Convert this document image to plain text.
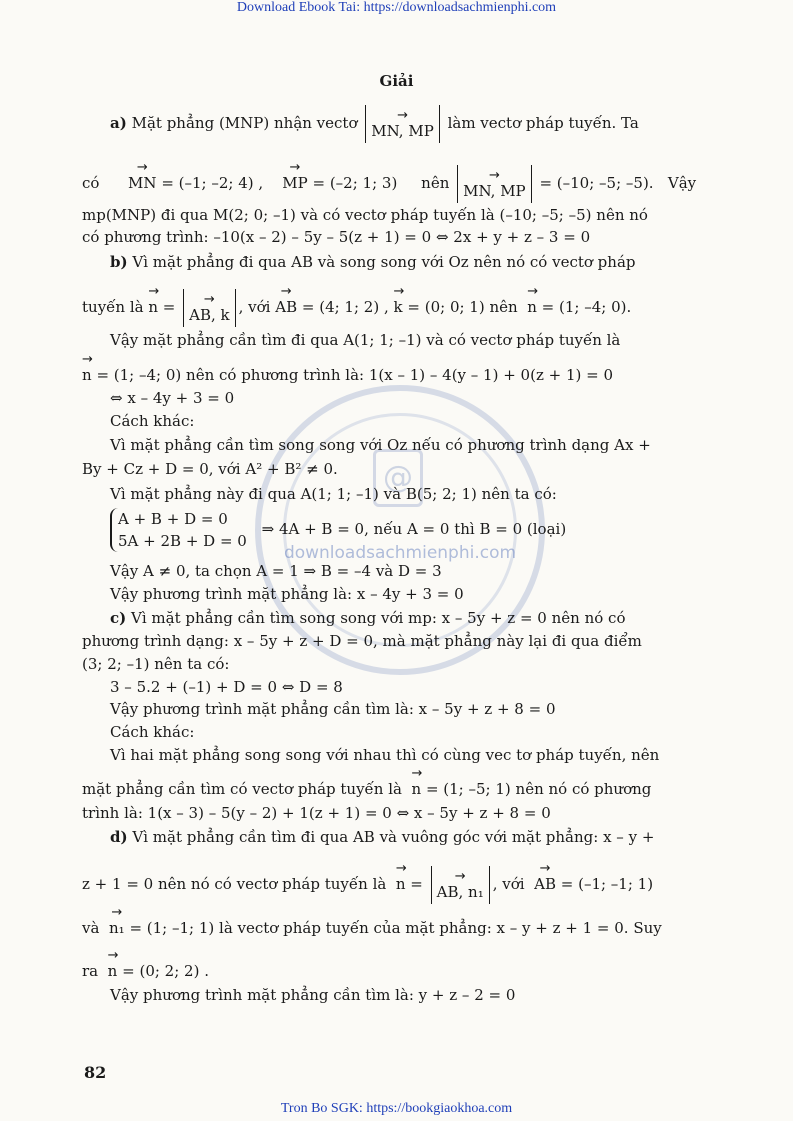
Download Ebook Tai: https://downloadsachmienphi.com
@
downloadsachmienphi.com
Giải
a) Mặt phẳng (MNP) nhận vectơ → MN, MP làm vectơ pháp tuyến. Ta
có → MN = (–1; –2; 4) , → MP = (–2; 1; 3) nên → MN, MP = (–10; –5; –5). Vậy
mp(MNP) đi qua M(2; 0; –1) và có vectơ pháp tuyến là (–10; –5; –5) nên nó
có phương trình: –10(x – 2) – 5y – 5(z + 1) = 0 ⇔ 2x + y + z – 3 = 0
b) Vì mặt phẳng đi qua AB và song song với Oz nên nó có vectơ pháp
tuyến là → n = → AB, k , với → AB = (4; 1; 2) , → k = (0; 0; 1) nên → n = (1; –4; 0).
Vậy mặt phẳng cần tìm đi qua A(1; 1; –1) và có vectơ pháp tuyến là
→ n = (1; –4; 0) nên có phương trình là: 1(x – 1) – 4(y – 1) + 0(z + 1) = 0
⇔ x – 4y + 3 = 0
Cách khác:
Vì mặt phẳng cần tìm song song với Oz nếu có phương trình dạng Ax +
By + Cz + D = 0, với A² + B² ≠ 0.
Vì mặt phẳng này đi qua A(1; 1; –1) và B(5; 2; 1) nên ta có:
A + B + D = 0
5A + 2B + D = 0 ⇒ 4A + B = 0, nếu A = 0 thì B = 0 (loại)
Vậy A ≠ 0, ta chọn A = 1 ⇒ B = –4 và D = 3
Vậy phương trình mặt phẳng là: x – 4y + 3 = 0
c) Vì mặt phẳng cần tìm song song với mp: x – 5y + z = 0 nên nó có
phương trình dạng: x – 5y + z + D = 0, mà mặt phẳng này lại đi qua điểm
(3; 2; –1) nên ta có:
3 – 5.2 + (–1) + D = 0 ⇔ D = 8
Vậy phương trình mặt phẳng cần tìm là: x – 5y + z + 8 = 0
Cách khác:
Vì hai mặt phẳng song song với nhau thì có cùng vec tơ pháp tuyến, nên
mặt phẳng cần tìm có vectơ pháp tuyến là → n = (1; –5; 1) nên nó có phương
trình là: 1(x – 3) – 5(y – 2) + 1(z + 1) = 0 ⇔ x – 5y + z + 8 = 0
d) Vì mặt phẳng cần tìm đi qua AB và vuông góc với mặt phẳng: x – y +
z + 1 = 0 nên nó có vectơ pháp tuyến là → n = → AB, n₁ , với → AB = (–1; –1; 1)
và → n₁ = (1; –1; 1) là vectơ pháp tuyến của mặt phẳng: x – y + z + 1 = 0. Suy
ra → n = (0; 2; 2) .
Vậy phương trình mặt phẳng cần tìm là: y + z – 2 = 0
82
Tron Bo SGK: https://bookgiaokhoa.com
